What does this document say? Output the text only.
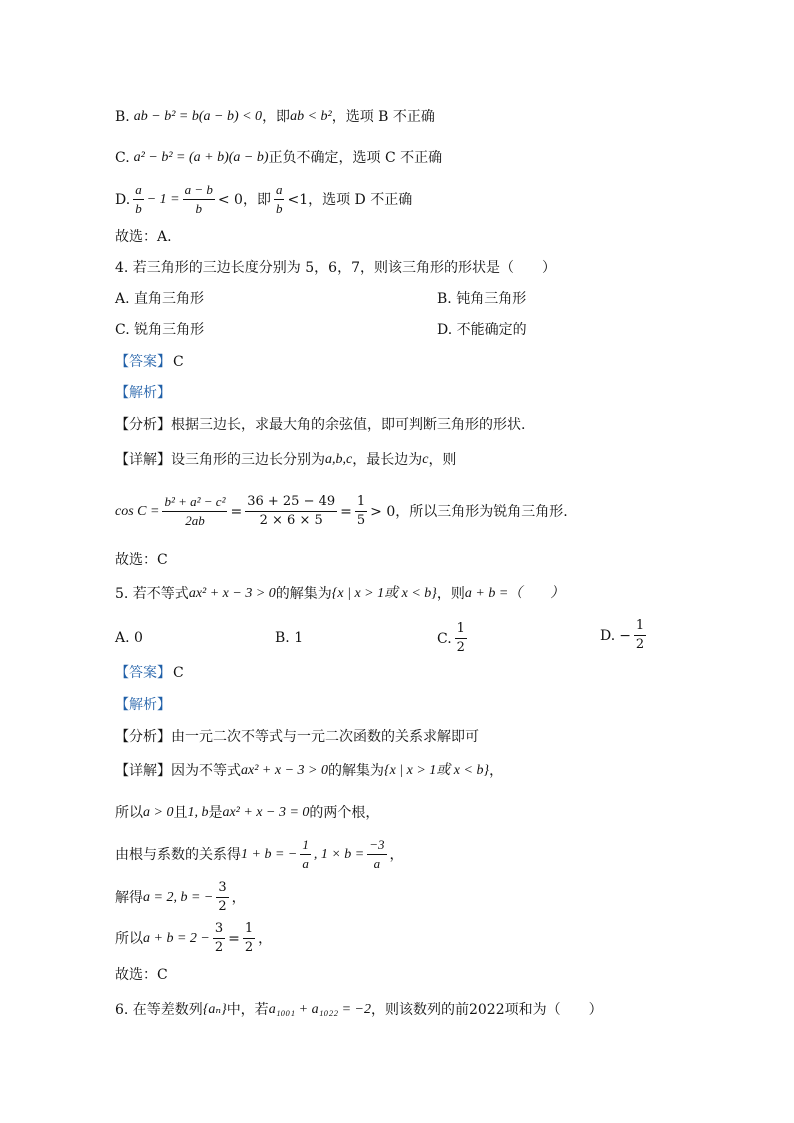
B. ab − b² = b(a − b) < 0 ，即 ab < b² ，选项 B 不正确
C. a² − b² = (a + b)(a − b) 正负不确定，选项 C 不正确
D. $\frac{a}{b} - 1 = \frac{a - b}{b} < 0$，即 $\frac{a}{b} <1$，选项 D 不正确
故选：A.
4. 若三角形的三边长度分别为 5，6，7，则该三角形的形状是（　　）
A. 直角三角形	B. 钝角三角形
C. 锐角三角形	D. 不能确定的
【答案】 C
【解析】
【分析】 根据三边长，求最大角的余弦值，即可判断三角形的形状.
【详解】 设三角形的三边长分别为 a,b,c ，最长边为 c ，则
$\cos C = \frac{\text{b² + a² − c²}}{2ab} = \frac{36 + 25 - 49}{2 \times 6 \times 5} = \frac{1}{5} > 0$，所以三角形为锐角三角形.
故选：C
5. 若不等式 ax² + x − 3 > 0 的解集为 {x | x > 1或 x < b} ，则 a + b =（　　）
A. 0	B. 1	C. $\frac{1}{2}$	D. − $\frac{1}{2}$
【答案】 C
【解析】
【分析】 由一元二次不等式与一元二次函数的关系求解即可
【详解】 因为不等式 ax² + x − 3 > 0 的解集为 {x | x > 1或 x < b} ，
所以 a > 0 且 1, b 是 ax² + x − 3 = 0 的两个根，
由根与系数的关系得 1 + b = − $\frac{1}{a}$ , $1 \times b = \frac{-3}{a}$ ，
解得 a = 2, b = − $\frac{3}{2}$ ，
所以 $a + b = 2 - \frac{3}{2} = \frac{1}{2}$ ，
故选：C
6. 在等差数列 {aₙ} 中，若 a₁₀₀₁ + a₁₀₂₂ = −2 ，则该数列的前 2022 项和为（　　）
